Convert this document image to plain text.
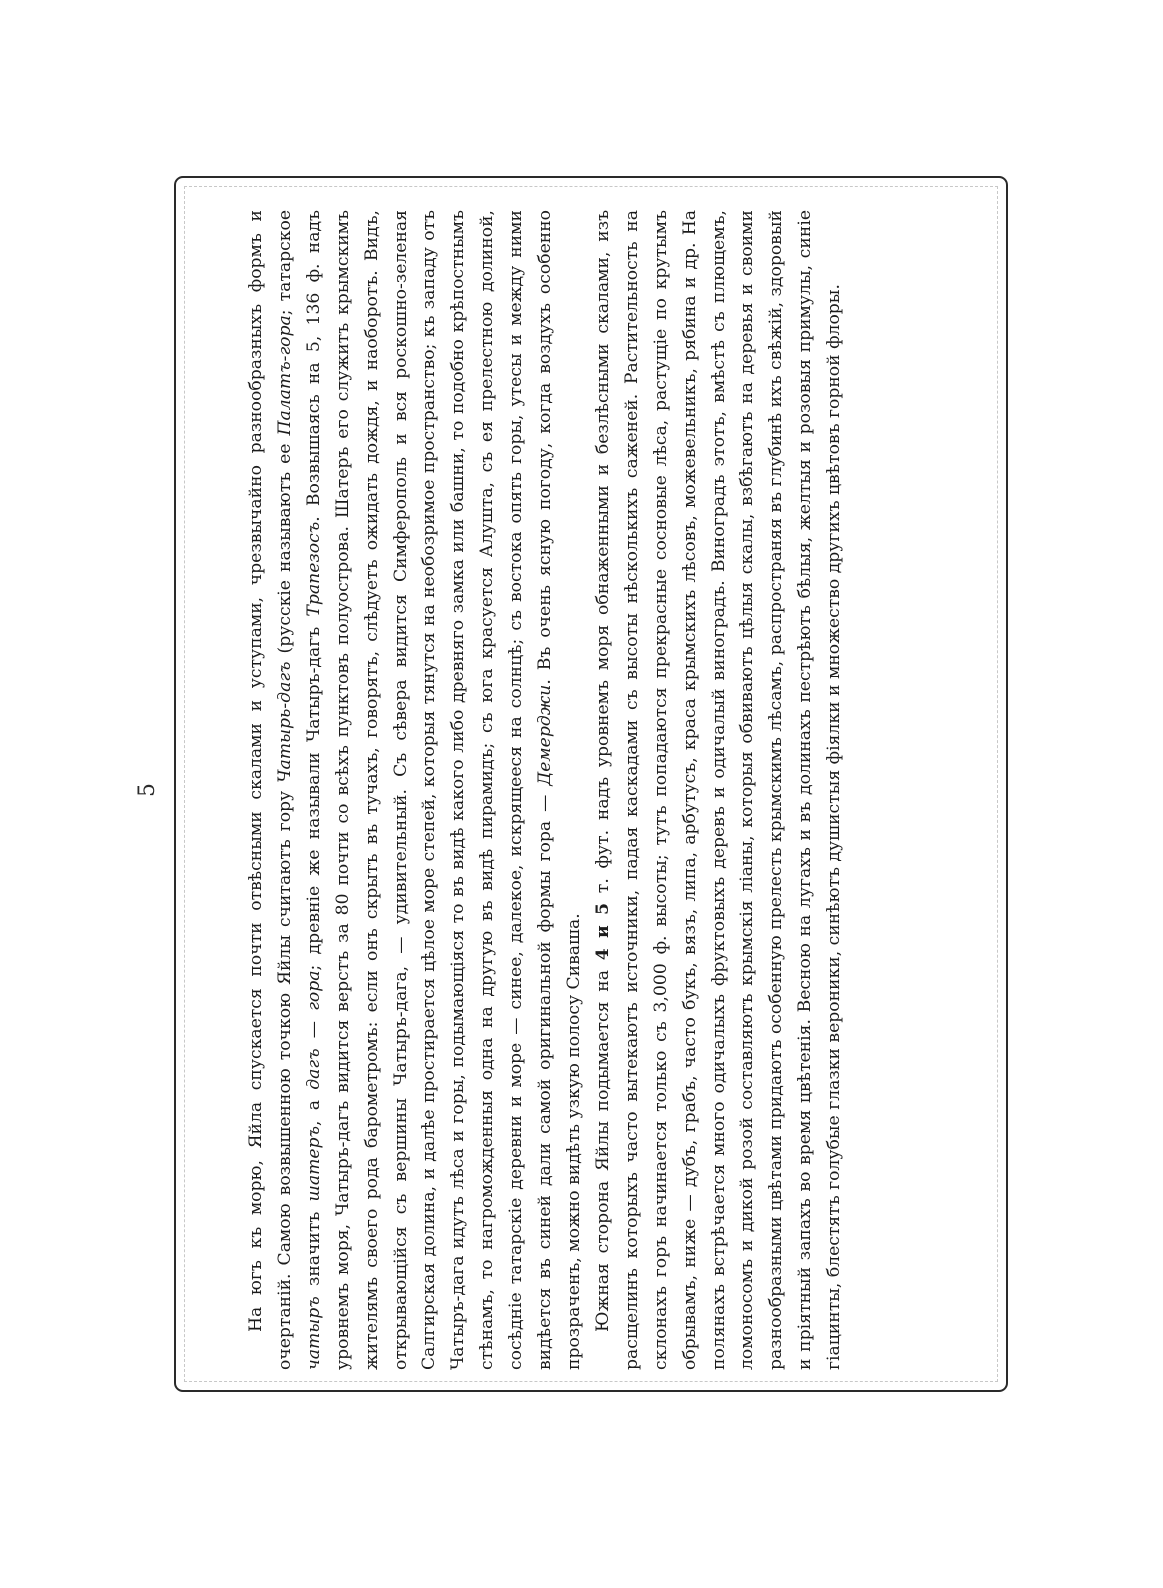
5	На югъ къ морю, Яйла спускается почти отвѣсными скалами и уступами, чрезвычайно разнообразныхъ формъ и очертаній. Самою возвышенною точкою Яйлы считаютъ гору Чатырь-дагъ (русскіе называютъ ее Палатъ-гора; татарское чатыръ значитъ шатеръ, а дагъ — гора; древніе же называли Чатыръ-дагъ Трапезосъ. Возвышаясь на 5, 136 ф. надъ уровнемъ моря, Чатыръ-дагъ видится верстъ за 80 почти со всѣхъ пунктовъ полуострова. Шатеръ его служитъ крымскимъ жителямъ своего рода барометромъ: если онъ скрытъ въ тучахъ, говорятъ, слѣдуетъ ожидать дождя, и наоборотъ. Видъ, открывающійся съ вершины Чатыръ-дага, — удивительный. Съ сѣвера видится Симферополь и вся роскошно-зеленая Салгирская долина, и далѣе простирается цѣлое море степей, которыя тянутся на необозримое пространство; къ западу отъ Чатыръ-дага идутъ лѣса и горы, подымающіяся то въ видѣ какого либо древняго замка или башни, то подобно крѣпостнымъ стѣнамъ, то нагроможденныя одна на другую въ видѣ пирамидъ; съ юга красуется Алушта, съ ея прелестною долиной, сосѣдніе татарскіе деревни и море — синее, далекое, искрящееся на солнцѣ; съ востока опять горы, утесы и между ними видѣется въ синей дали самой оригинальной формы гора — Демерджи. Въ очень ясную погоду, когда воздухъ особенно прозраченъ, можно видѣть узкую полосу Сиваша. Южная сторона Яйлы подымается на 4 и 5 т. фут. надъ уровнемъ моря обнаженными и безлѣсными скалами, изъ расщелинъ которыхъ часто вытекаютъ источники, падая каскадами съ высоты нѣсколькихъ саженей. Растительность на склонахъ горъ начинается только съ 3,000 ф. высоты; тутъ попадаются прекрасные сосновые лѣса, растущіе по крутымъ обрывамъ, ниже — дубъ, грабъ, часто букъ, вязъ, липа, арбутусъ, краса крымскихъ лѣсовъ, можевельникъ, рябина и др. На полянахъ встрѣчается много одичалыхъ фруктовыхъ деревъ и одичалый виноградъ. Виноградъ этотъ, вмѣстѣ съ плющемъ, ломоносомъ и дикой розой составляютъ крымскія ліаны, которыя обвиваютъ цѣлыя скалы, взбѣгаютъ на деревья и своими разнообразными цвѣтами придаютъ особенную прелесть крымскимъ лѣсамъ, распространяя въ глубинѣ ихъ свѣжій, здоровый и пріятный запахъ во время цвѣтенія. Весною на лугахъ и въ долинахъ пестрѣютъ бѣлыя, желтыя и розовыя примулы, синіе гіацинты, блестятъ голубые глазки вероники, синѣютъ душистыя фіялки и множество другихъ цвѣтовъ горной флоры.
